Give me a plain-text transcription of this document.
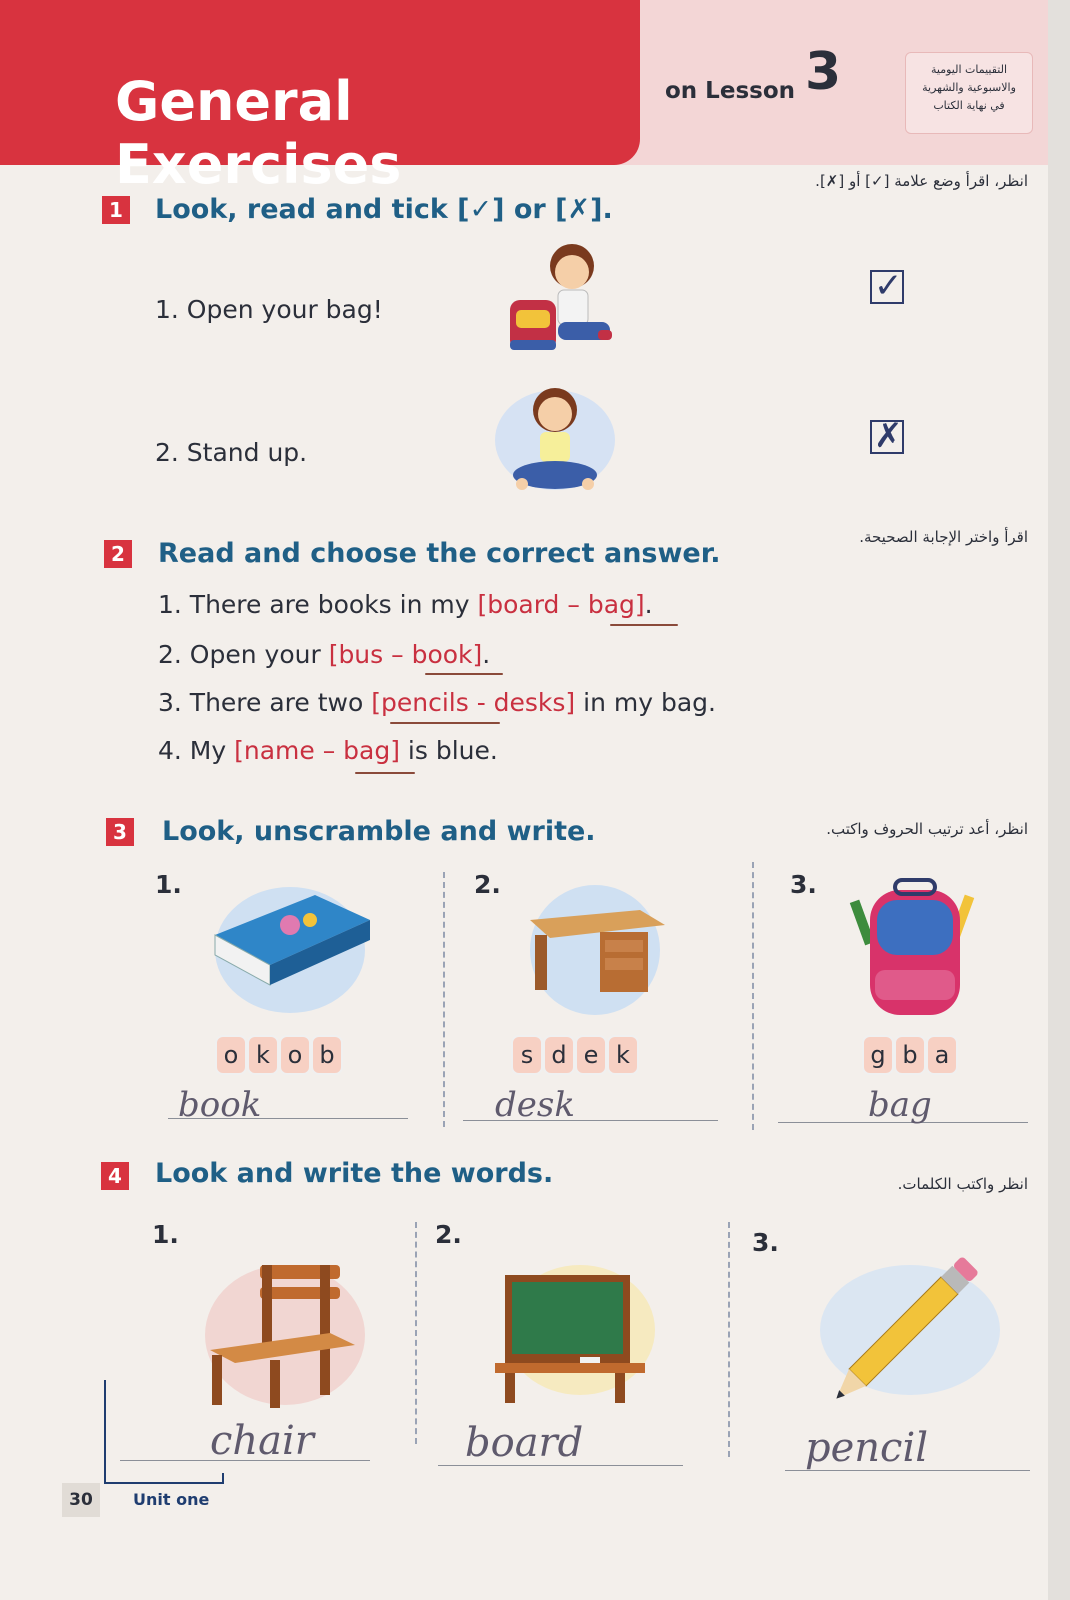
General Exercises
on Lesson 3	التقييمات اليومية
والاسبوعية والشهرية
في نهاية الكتاب
انظر، اقرأ وضع علامة [✓] أو [✗].
1 Look, read and tick [✓] or [✗].
1. Open your bag!
✓
2. Stand up.	✗
اقرأ واختر الإجابة الصحيحة.
2 Read and choose the correct answer.
1. There are books in my [board – bag].
2. Open your [bus – book].
3. There are two [pencils - desks] in my bag.
4. My [name – bag] is blue.
انظر، أعد ترتيب الحروف واكتب.
3 Look, unscramble and write.
1.	2.	3.
o k o b	s d e k	g b a
book	desk	bag
انظر واكتب الكلمات.
4 Look and write the words.
1.	2.	3.
chair	board	pencil
30	Unit one
